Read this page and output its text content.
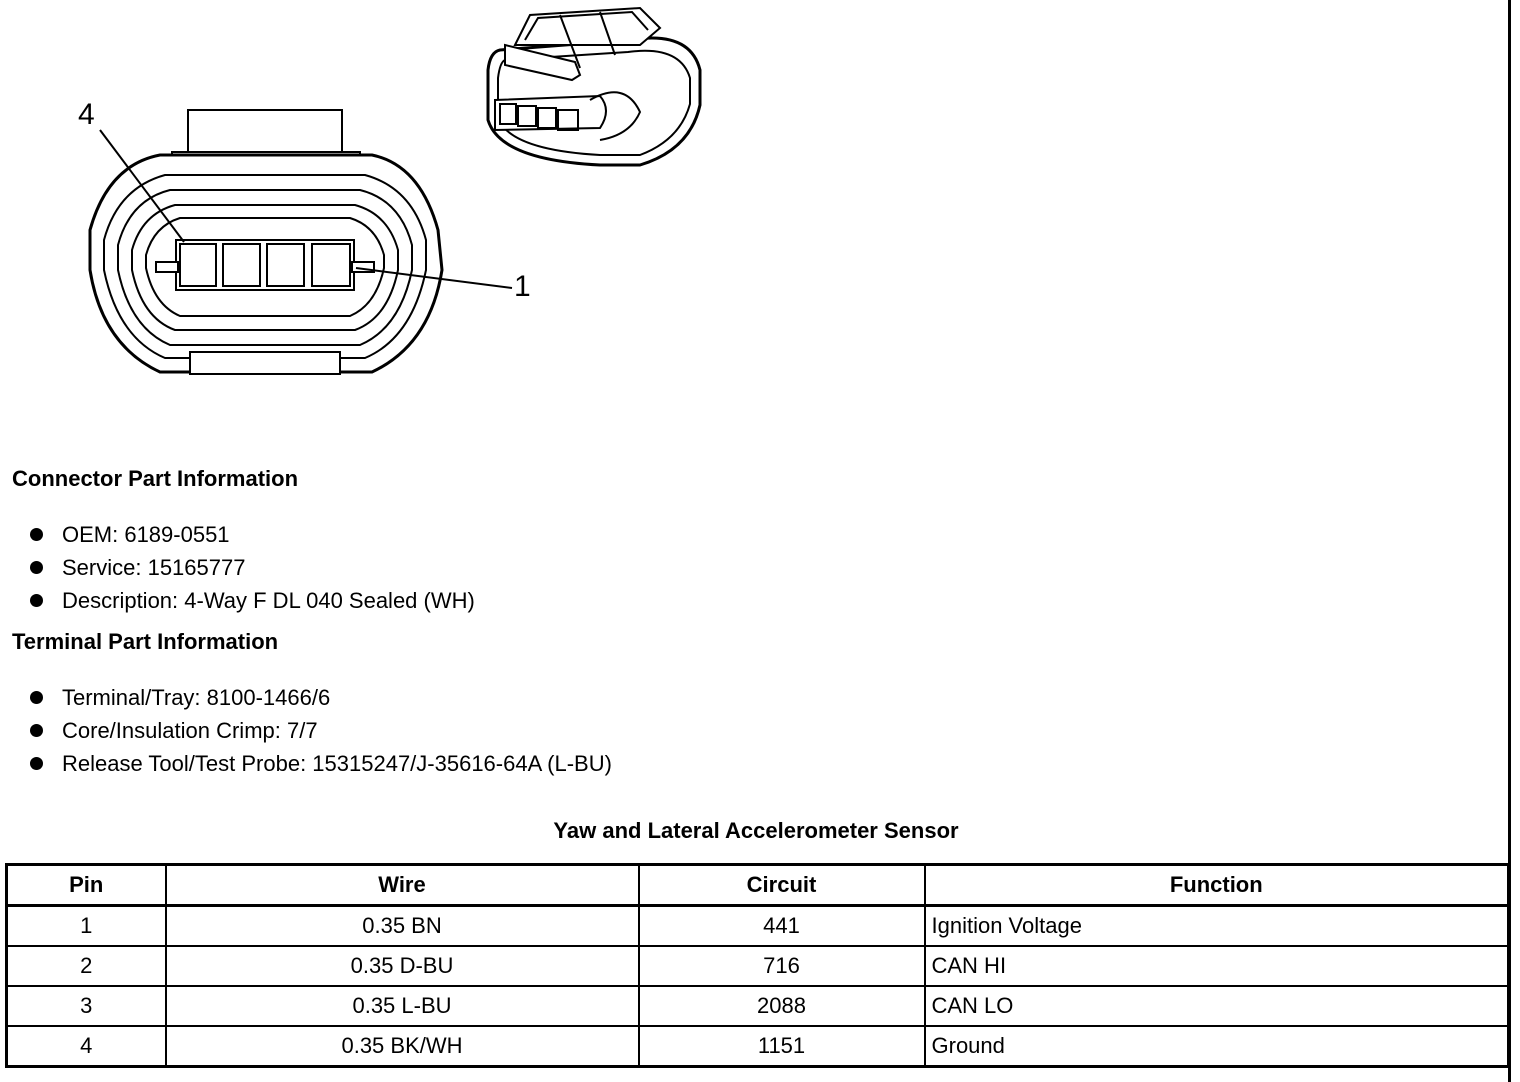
4
1
Connector Part Information
OEM: 6189-0551
Service: 15165777
Description: 4-Way F DL 040 Sealed (WH)
Terminal Part Information
Terminal/Tray: 8100-1466/6
Core/Insulation Crimp: 7/7
Release Tool/Test Probe: 15315247/J-35616-64A (L-BU)
Yaw and Lateral Accelerometer Sensor
Pin	Wire	Circuit	Function
1	0.35 BN	441	Ignition Voltage
2	0.35 D-BU	716	CAN HI
3	0.35 L-BU	2088	CAN LO
4	0.35 BK/WH	1151	Ground
